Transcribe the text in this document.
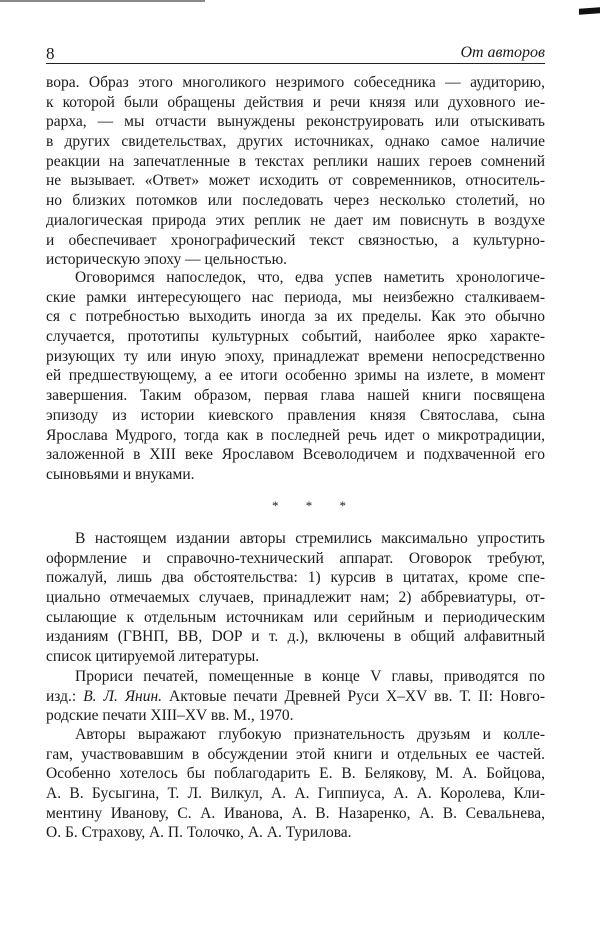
8	От авторов
вора. Образ этого многоликого незримого собеседника — аудиторию,
к которой были обращены действия и речи князя или духовного ие-
рарха, — мы отчасти вынуждены реконструировать или отыскивать
в других свидетельствах, других источниках, однако самое наличие
реакции на запечатленные в текстах реплики наших героев сомнений
не вызывает. «Ответ» может исходить от современников, относитель-
но близких потомков или последовать через несколько столетий, но
диалогическая природа этих реплик не дает им повиснуть в воздухе
и обеспечивает хронографический текст связностью, а культурно-
историческую эпоху — цельностью.
Оговоримся напоследок, что, едва успев наметить хронологиче-
ские рамки интересующего нас периода, мы неизбежно сталкиваем-
ся с потребностью выходить иногда за их пределы. Как это обычно
случается, прототипы культурных событий, наиболее ярко характе-
ризующих ту или иную эпоху, принадлежат времени непосредственно
ей предшествующему, а ее итоги особенно зримы на излете, в момент
завершения. Таким образом, первая глава нашей книги посвящена
эпизоду из истории киевского правления князя Святослава, сына
Ярослава Мудрого, тогда как в последней речь идет о микротрадиции,
заложенной в XIII веке Ярославом Всеволодичем и подхваченной его
сыновьями и внуками.
* * *
В настоящем издании авторы стремились максимально упростить
оформление и справочно-технический аппарат. Оговорок требуют,
пожалуй, лишь два обстоятельства: 1) курсив в цитатах, кроме спе-
циально отмечаемых случаев, принадлежит нам; 2) аббревиатуры, от-
сылающие к отдельным источникам или серийным и периодическим
изданиям (ГВНП, ВВ, DOP и т. д.), включены в общий алфавитный
список цитируемой литературы.
Прориси печатей, помещенные в конце V главы, приводятся по
изд.: В. Л. Янин. Актовые печати Древней Руси X–XV вв. Т. II: Новго-
родские печати XIII–XV вв. М., 1970.
Авторы выражают глубокую признательность друзьям и колле-
гам, участвовавшим в обсуждении этой книги и отдельных ее частей.
Особенно хотелось бы поблагодарить Е. В. Белякову, М. А. Бойцова,
А. В. Бусыгина, Т. Л. Вилкул, А. А. Гиппиуса, А. А. Королева, Кли-
ментину Иванову, С. А. Иванова, А. В. Назаренко, А. В. Севальнева,
О. Б. Страхову, А. П. Толочко, А. А. Турилова.
